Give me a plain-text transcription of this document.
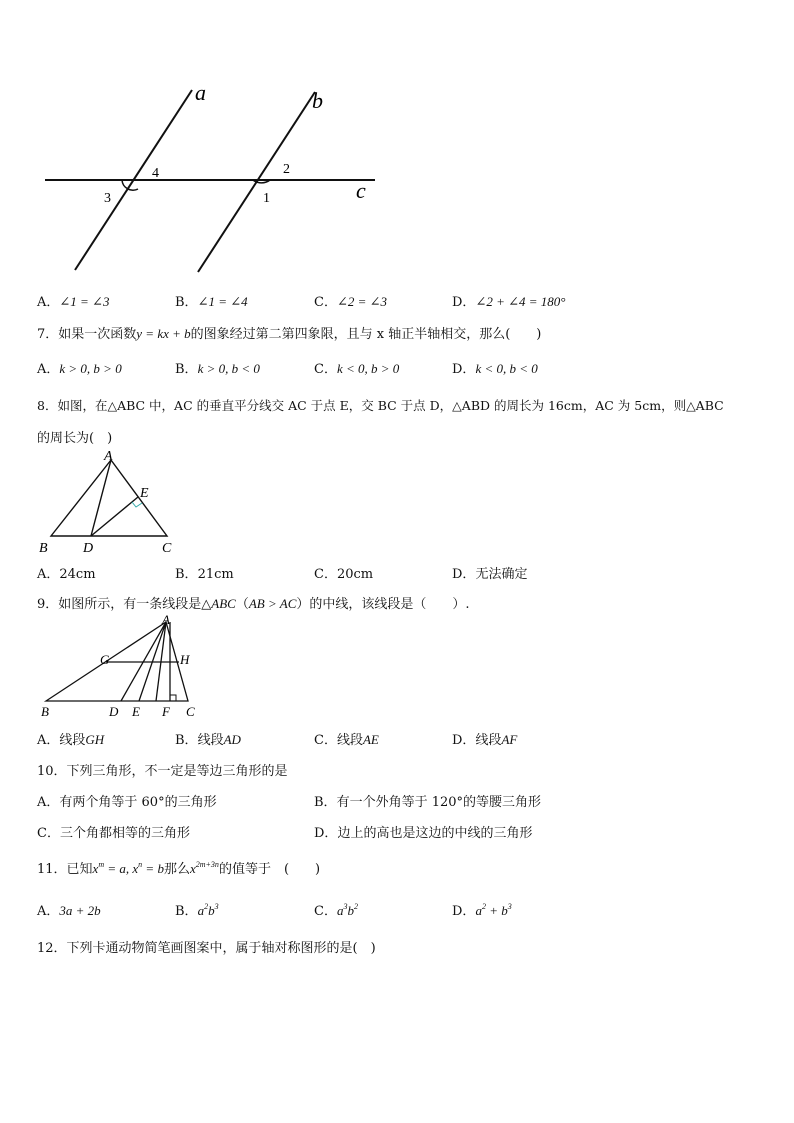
a	b
c
4
3
2
1
A．∠1 = ∠3	B．∠1 = ∠4	C．∠2 = ∠3	D．∠2 + ∠4 = 180°
7．如果一次函数y = kx + b的图象经过第二第四象限，且与 x 轴正半轴相交，那么(　　)
A．k > 0, b > 0	B．k > 0, b < 0	C．k < 0, b > 0	D．k < 0, b < 0
8．如图，在△ABC 中，AC 的垂直平分线交 AC 于点 E，交 BC 于点 D，△ABD 的周长为 16cm，AC 为 5cm，则△ABC
的周长为(　)
A
E
B	D	C
A．24cm	B．21cm	C．20cm	D．无法确定
9．如图所示，有一条线段是△ABC（AB > AC）的中线，该线段是（　　）.
A
G	H
B	D E F C
A．线段GH	B．线段AD	C．线段AE	D．线段AF
10．下列三角形，不一定是等边三角形的是
A．有两个角等于 60°的三角形	B．有一个外角等于 120°的等腰三角形
C．三个角都相等的三角形	D．边上的高也是这边的中线的三角形
11．已知$x^m = a$, $x^n = b$那么$x^{2m+3n}$的值等于　(　　)
A．3a + 2b	B．$a^2b^3$	C．$a^3b^2$	D．$a^2 + b^3$
12．下列卡通动物简笔画图案中，属于轴对称图形的是(　)
